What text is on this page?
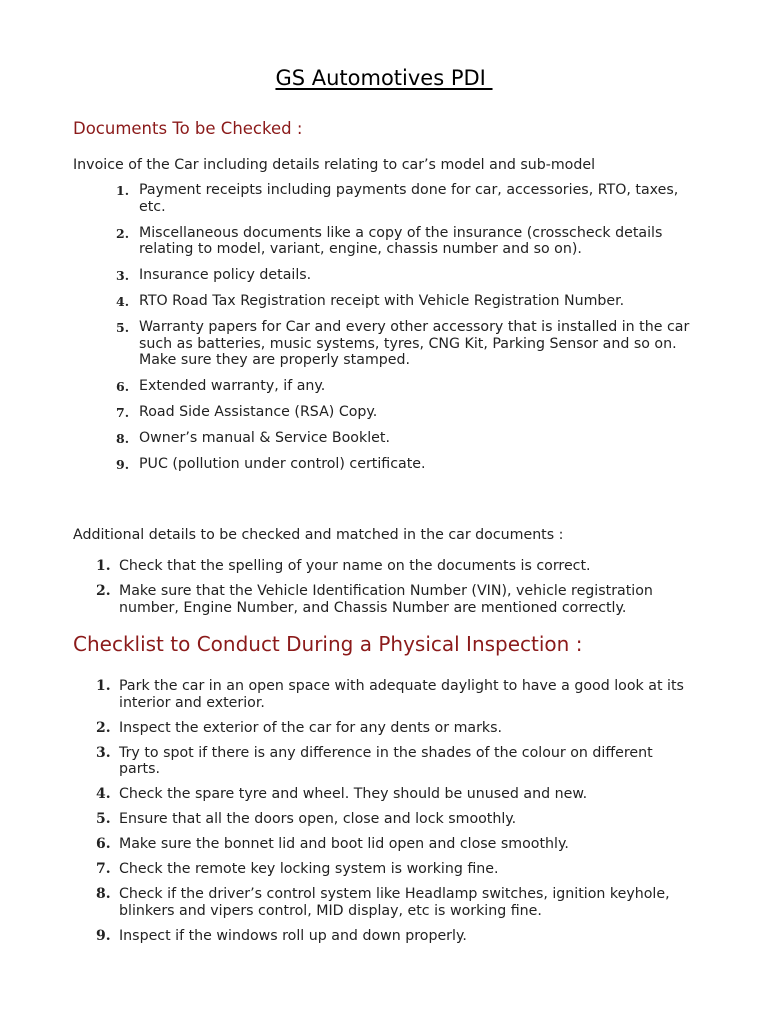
GS Automotives PDI
Documents To be Checked :
Invoice of the Car including details relating to car’s model and sub-model
1. Payment receipts including payments done for car, accessories, RTO, taxes, etc.
2. Miscellaneous documents like a copy of the insurance (crosscheck details relating to model, variant, engine, chassis number and so on).
3. Insurance policy details.
4. RTO Road Tax Registration receipt with Vehicle Registration Number.
5. Warranty papers for Car and every other accessory that is installed in the car such as batteries, music systems, tyres, CNG Kit, Parking Sensor and so on. Make sure they are properly stamped.
6. Extended warranty, if any.
7. Road Side Assistance (RSA) Copy.
8. Owner’s manual & Service Booklet.
9. PUC (pollution under control) certificate.
Additional details to be checked and matched in the car documents :
1. Check that the spelling of your name on the documents is correct.
2. Make sure that the Vehicle Identification Number (VIN), vehicle registration number, Engine Number, and Chassis Number are mentioned correctly.
Checklist to Conduct During a Physical Inspection :
1. Park the car in an open space with adequate daylight to have a good look at its interior and exterior.
2. Inspect the exterior of the car for any dents or marks.
3. Try to spot if there is any difference in the shades of the colour on different parts.
4. Check the spare tyre and wheel. They should be unused and new.
5. Ensure that all the doors open, close and lock smoothly.
6. Make sure the bonnet lid and boot lid open and close smoothly.
7. Check the remote key locking system is working fine.
8. Check if the driver’s control system like Headlamp switches, ignition keyhole, blinkers and vipers control, MID display, etc is working fine.
9. Inspect if the windows roll up and down properly.
